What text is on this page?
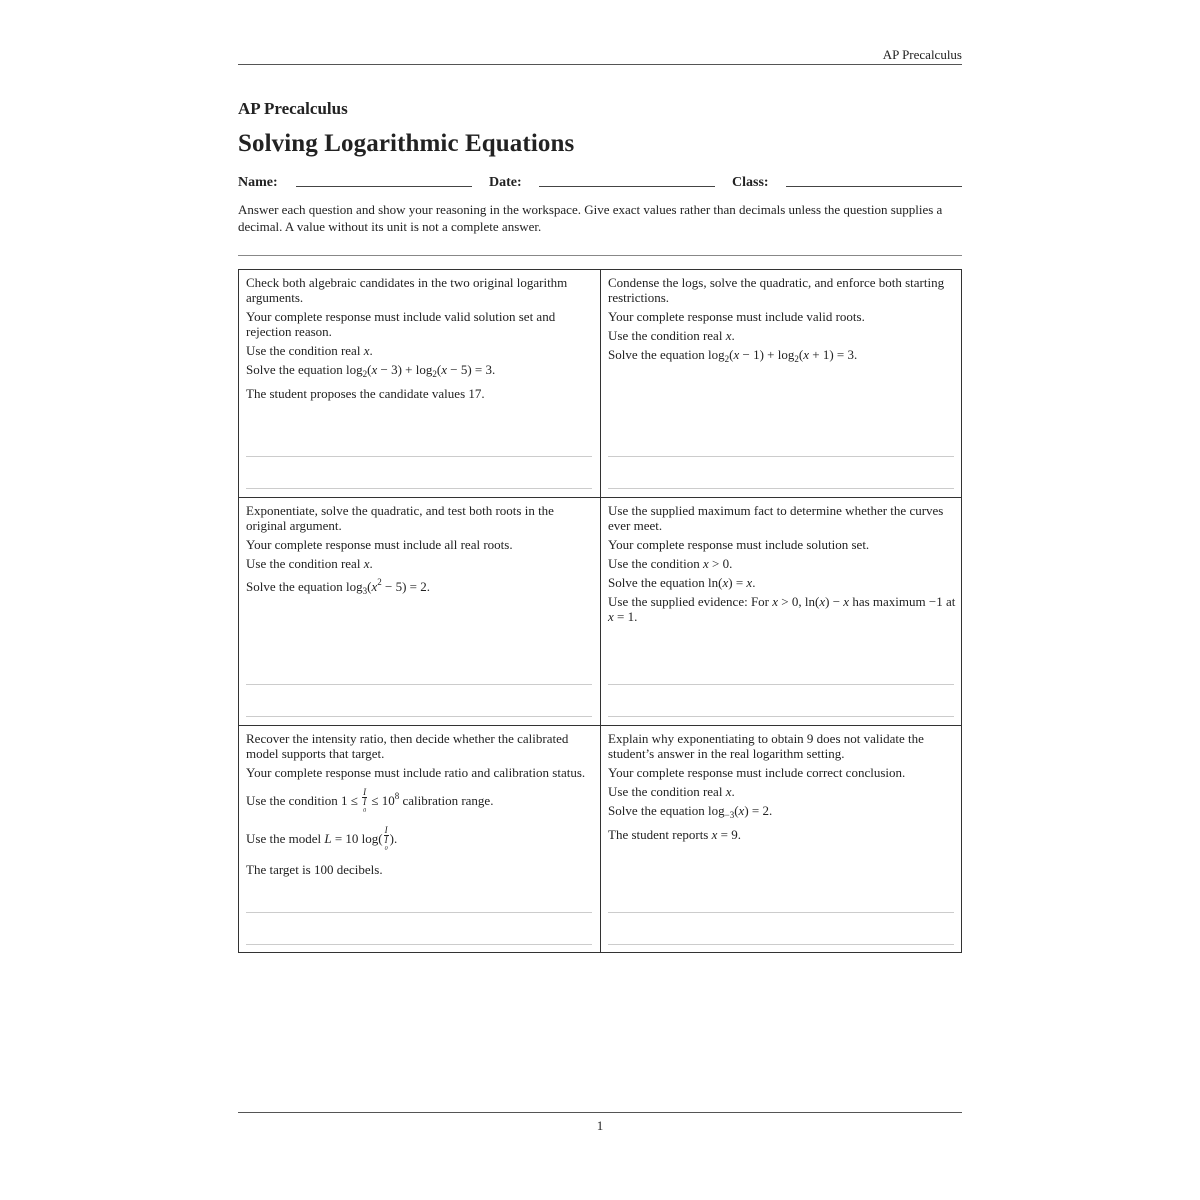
AP Precalculus
AP Precalculus
Solving Logarithmic Equations
Name:	Date:	Class:
Answer each question and show your reasoning in the workspace. Give exact values rather than decimals unless the question supplies a decimal. A value without its unit is not a complete answer.

Check both algebraic candidates in the two original logarithm arguments.

Your complete response must include valid solution set and rejection reason.

Use the condition real x.

Solve the equation $\log_2(x - 3) + \log_2(x - 5) = 3$.

The student proposes the candidate values 17.

Condense the logs, solve the quadratic, and enforce both starting restrictions.

Your complete response must include valid roots.

Use the condition real x.

Solve the equation $\log_2(x - 1) + \log_2(x + 1) = 3$.

Exponentiate, solve the quadratic, and test both roots in the original argument.

Your complete response must include all real roots.

Use the condition real x.

Solve the equation $\log_3(x^2 - 5) = 2$.

Use the supplied maximum fact to determine whether the curves ever meet.

Your complete response must include solution set.

Use the condition x > 0.

Solve the equation ln(x) = x.

Use the supplied evidence: For x > 0, ln(x) − x has maximum −1 at x = 1.

Recover the intensity ratio, then decide whether the calibrated model supports that target.

Your complete response must include ratio and calibration status.

Use the condition 1 ≤ I
I
$0 \le 10^8$ calibration range.

Use the model L = 10 log( I
I
0 ).

The target is 100 decibels.

Explain why exponentiating to obtain 9 does not validate the student’s answer in the real logarithm setting.

Your complete response must include correct conclusion.

Use the condition real x.

Solve the equation $\log_{-3}(x) = 2$.

The student reports x = 9.

1
